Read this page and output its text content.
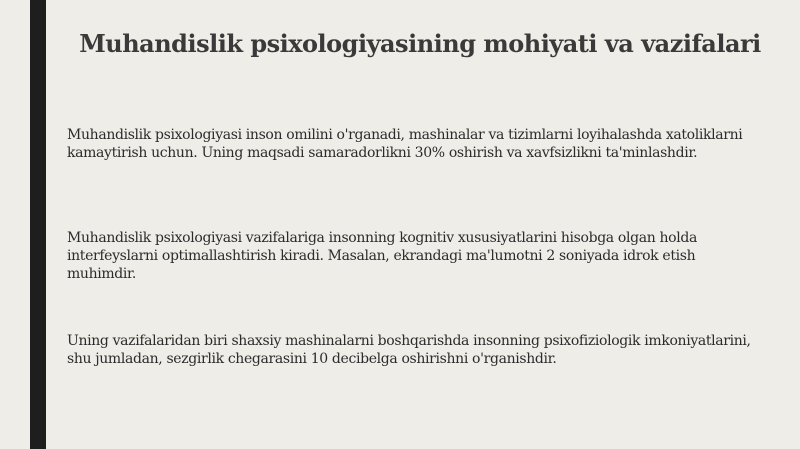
Muhandislik psixologiyasining mohiyati va vazifalari
Muhandislik psixologiyasi inson omilini o'rganadi, mashinalar va tizimlarni loyihalashda xatoliklarni kamaytirish uchun. Uning maqsadi samaradorlikni 30% oshirish va xavfsizlikni ta'minlashdir.
Muhandislik psixologiyasi vazifalariga insonning kognitiv xususiyatlarini hisobga olgan holda interfeyslarni optimallashtirish kiradi. Masalan, ekrandagi ma'lumotni 2 soniyada idrok etish muhimdir.
Uning vazifalaridan biri shaxsiy mashinalarni boshqarishda insonning psixofiziologik imkoniyatlarini, shu jumladan, sezgirlik chegarasini 10 decibelga oshirishni o'rganishdir.
